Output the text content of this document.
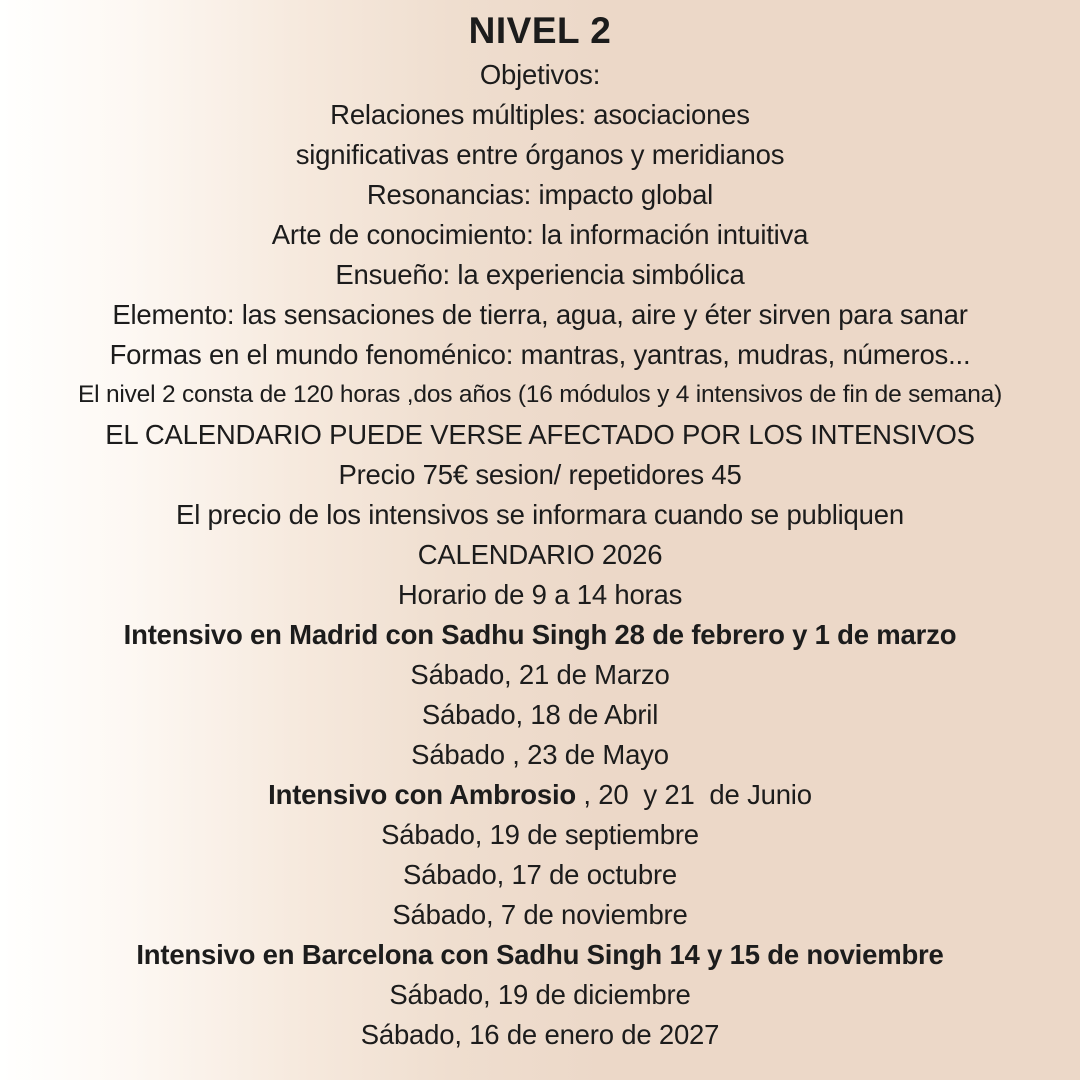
NIVEL 2
Objetivos:
Relaciones múltiples: asociaciones
significativas entre órganos y meridianos
Resonancias: impacto global
Arte de conocimiento: la información intuitiva
Ensueño: la experiencia simbólica
Elemento: las sensaciones de tierra, agua, aire y éter sirven para sanar
Formas en el mundo fenoménico: mantras, yantras, mudras, números...
El nivel 2 consta de 120 horas ,dos años (16 módulos y 4 intensivos de fin de semana)
EL CALENDARIO PUEDE VERSE AFECTADO POR LOS INTENSIVOS
Precio 75€ sesion/ repetidores 45
El precio de los intensivos se informara cuando se publiquen
CALENDARIO 2026
Horario de 9 a 14 horas
Intensivo en Madrid con Sadhu Singh 28 de febrero y 1 de marzo
Sábado, 21 de Marzo
Sábado, 18 de Abril
Sábado , 23 de Mayo
Intensivo con Ambrosio , 20  y 21  de Junio
Sábado, 19 de septiembre
Sábado, 17 de octubre
Sábado, 7 de noviembre
Intensivo en Barcelona con Sadhu Singh 14 y 15 de noviembre
Sábado, 19 de diciembre
Sábado, 16 de enero de 2027
